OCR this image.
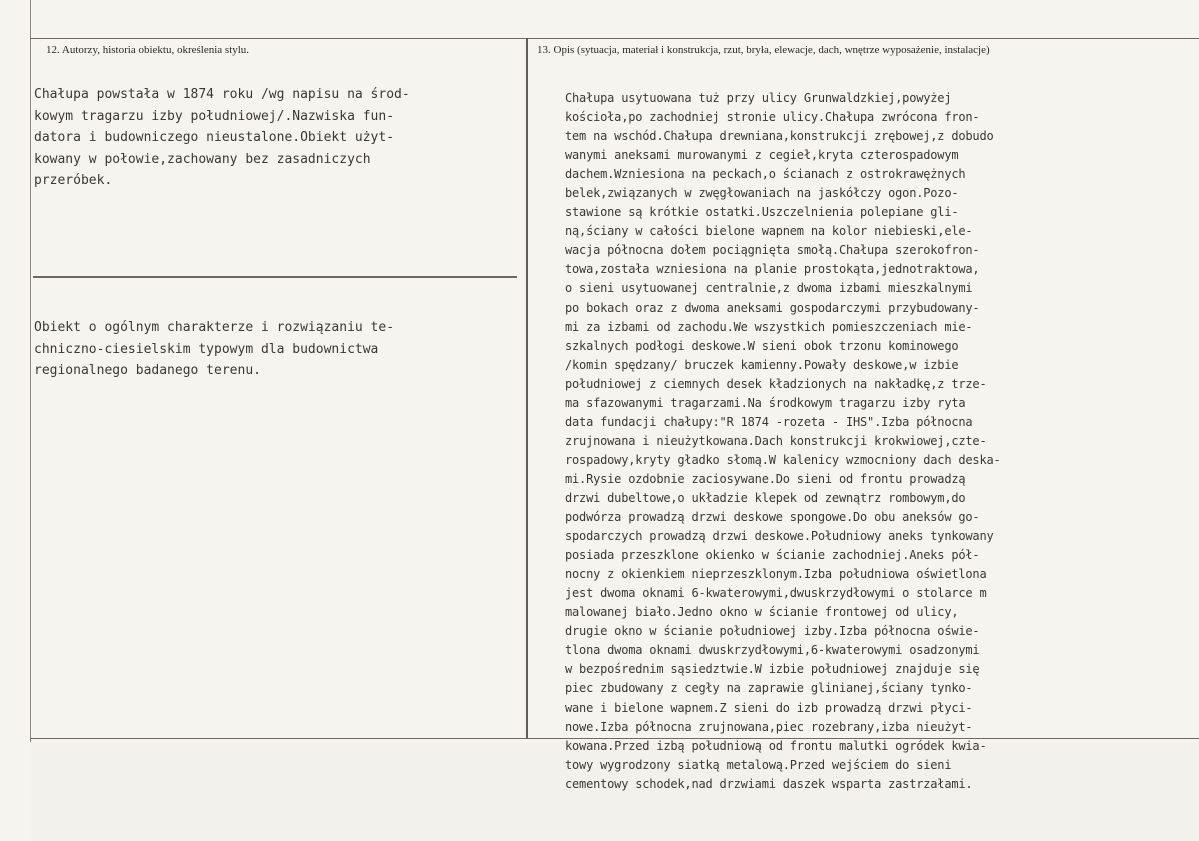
12. Autorzy, historia obiektu, określenia stylu.	13. Opis (sytuacja, materiał i konstrukcja, rzut, bryła, elewacje, dach, wnętrze wyposażenie, instalacje)
Chałupa powstała w 1874 roku /wg napisu na środ-
kowym tragarzu izby południowej/.Nazwiska fun-
datora i budowniczego nieustalone.Obiekt użyt-
kowany w połowie,zachowany bez zasadniczych
przeróbek.
Obiekt o ogólnym charakterze i rozwiązaniu te-
chniczno-ciesielskim typowym dla budownictwa
regionalnego badanego terenu.
Chałupa usytuowana tuż przy ulicy Grunwaldzkiej,powyżej
kościoła,po zachodniej stronie ulicy.Chałupa zwrócona fron-
tem na wschód.Chałupa drewniana,konstrukcji zrębowej,z dobudo
wanymi aneksami murowanymi z cegieł,kryta czterospadowym
dachem.Wzniesiona na peckach,o ścianach z ostrokrawężnych
belek,związanych w zwęgłowaniach na jaskółczy ogon.Pozo-
stawione są krótkie ostatki.Uszczelnienia polepiane gli-
ną,ściany w całości bielone wapnem na kolor niebieski,ele-
wacja północna dołem pociągnięta smołą.Chałupa szerokofron-
towa,została wzniesiona na planie prostokąta,jednotraktowa,
o sieni usytuowanej centralnie,z dwoma izbami mieszkalnymi
po bokach oraz z dwoma aneksami gospodarczymi przybudowany-
mi za izbami od zachodu.We wszystkich pomieszczeniach mie-
szkalnych podłogi deskowe.W sieni obok trzonu kominowego
/komin spędzany/ bruczek kamienny.Powały deskowe,w izbie
południowej z ciemnych desek kładzionych na nakładkę,z trze-
ma sfazowanymi tragarzami.Na środkowym tragarzu izby ryta
data fundacji chałupy:"R 1874 -rozeta - IHS".Izba północna
zrujnowana i nieużytkowana.Dach konstrukcji krokwiowej,czte-
rospadowy,kryty gładko słomą.W kalenicy wzmocniony dach deska-
mi.Rysie ozdobnie zaciosywane.Do sieni od frontu prowadzą
drzwi dubeltowe,o układzie klepek od zewnątrz rombowym,do
podwórza prowadzą drzwi deskowe spongowe.Do obu aneksów go-
spodarczych prowadzą drzwi deskowe.Południowy aneks tynkowany
posiada przeszklone okienko w ścianie zachodniej.Aneks pół-
nocny z okienkiem nieprzeszklonym.Izba południowa oświetlona
jest dwoma oknami 6-kwaterowymi,dwuskrzydłowymi o stolarce m
malowanej biało.Jedno okno w ścianie frontowej od ulicy,
drugie okno w ścianie południowej izby.Izba północna oświe-
tlona dwoma oknami dwuskrzydłowymi,6-kwaterowymi osadzonymi
w bezpośrednim sąsiedztwie.W izbie południowej znajduje się
piec zbudowany z cegły na zaprawie glinianej,ściany tynko-
wane i bielone wapnem.Z sieni do izb prowadzą drzwi płyci-
nowe.Izba północna zrujnowana,piec rozebrany,izba nieużyt-
kowana.Przed izbą południową od frontu malutki ogródek kwia-
towy wygrodzony siatką metalową.Przed wejściem do sieni
cementowy schodek,nad drzwiami daszek wsparta zastrzałami.
